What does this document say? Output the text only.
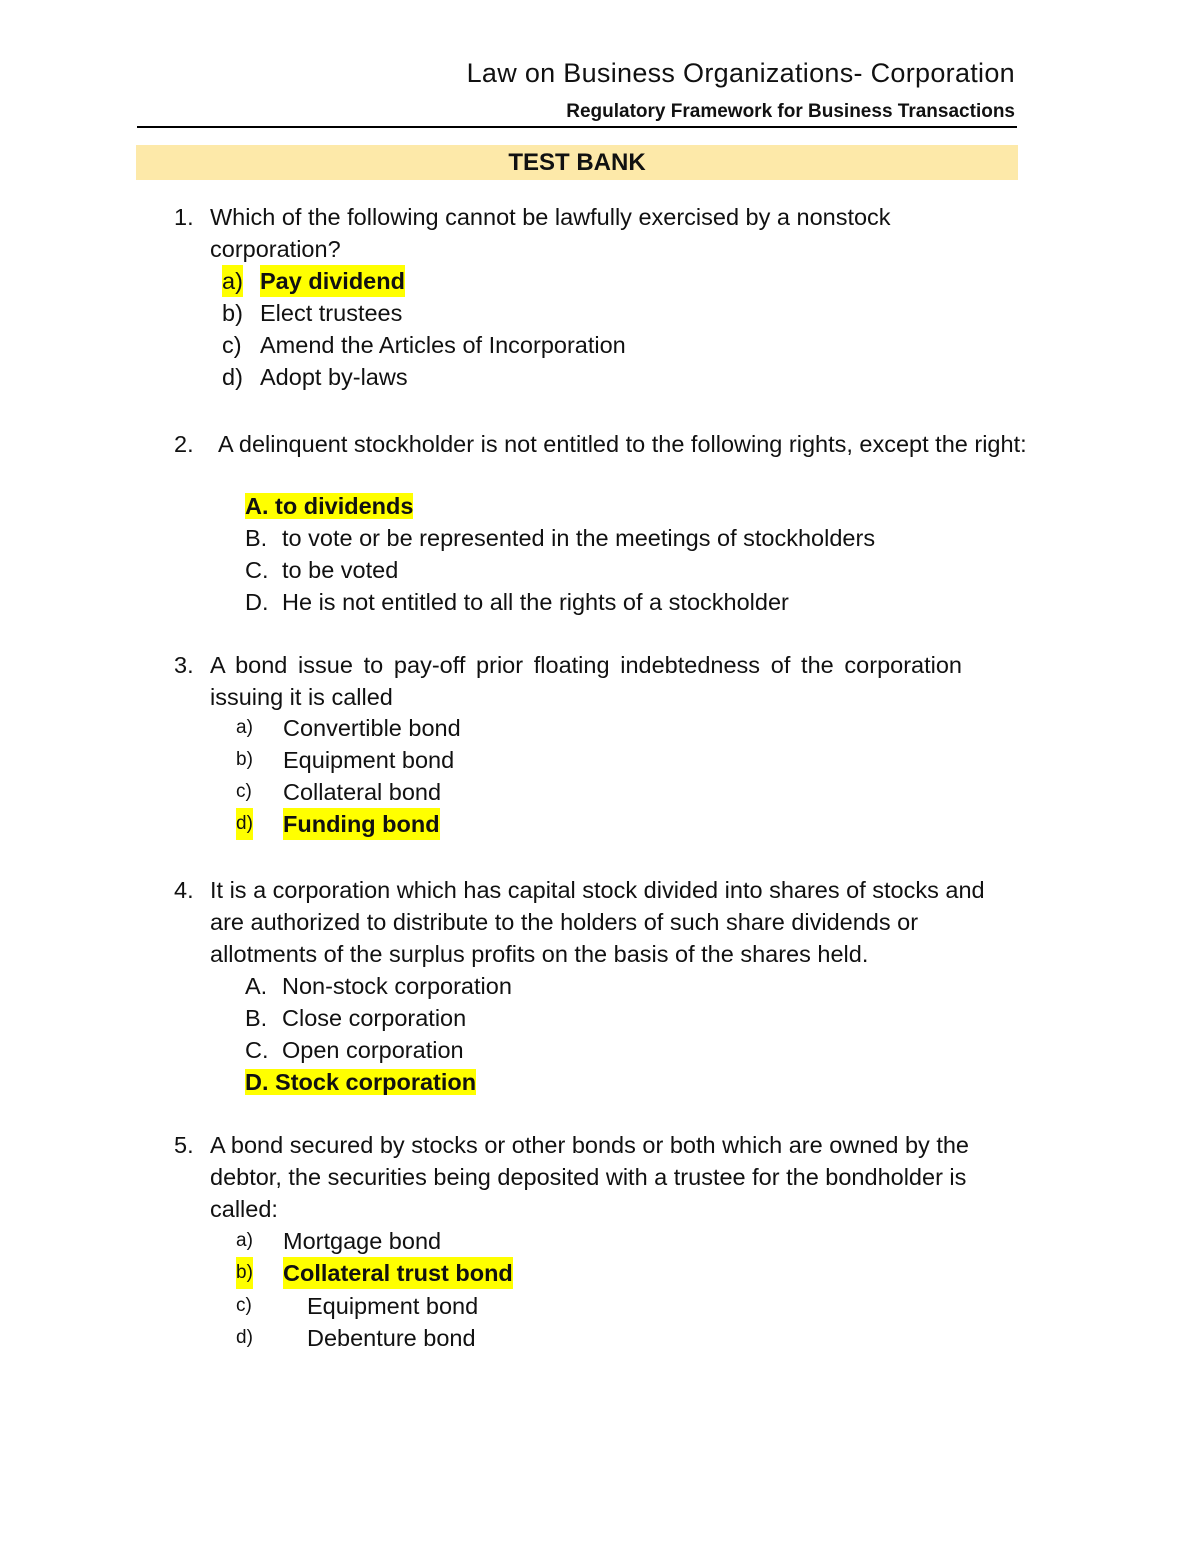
Law on Business Organizations- Corporation
Regulatory Framework for Business Transactions
TEST BANK
1. Which of the following cannot be lawfully exercised by a nonstock corporation?
a) Pay dividend
b) Elect trustees
c) Amend the Articles of Incorporation
d) Adopt by-laws
2.	A delinquent stockholder is not entitled to the following rights, except the right:
A. to dividends
B. to vote or be represented in the meetings of stockholders
C. to be voted
D. He is not entitled to all the rights of a stockholder
3. A bond issue to pay-off prior floating indebtedness of the corporation issuing it is called
a) Convertible bond
b) Equipment bond
c) Collateral bond
d) Funding bond
4. It is a corporation which has capital stock divided into shares of stocks and are authorized to distribute to the holders of such share dividends or allotments of the surplus profits on the basis of the shares held.
A. Non-stock corporation
B. Close corporation
C. Open corporation
D. Stock corporation
5. A bond secured by stocks or other bonds or both which are owned by the debtor, the securities being deposited with a trustee for the bondholder is called:
a) Mortgage bond
b) Collateral trust bond
c) Equipment bond
d) Debenture bond
